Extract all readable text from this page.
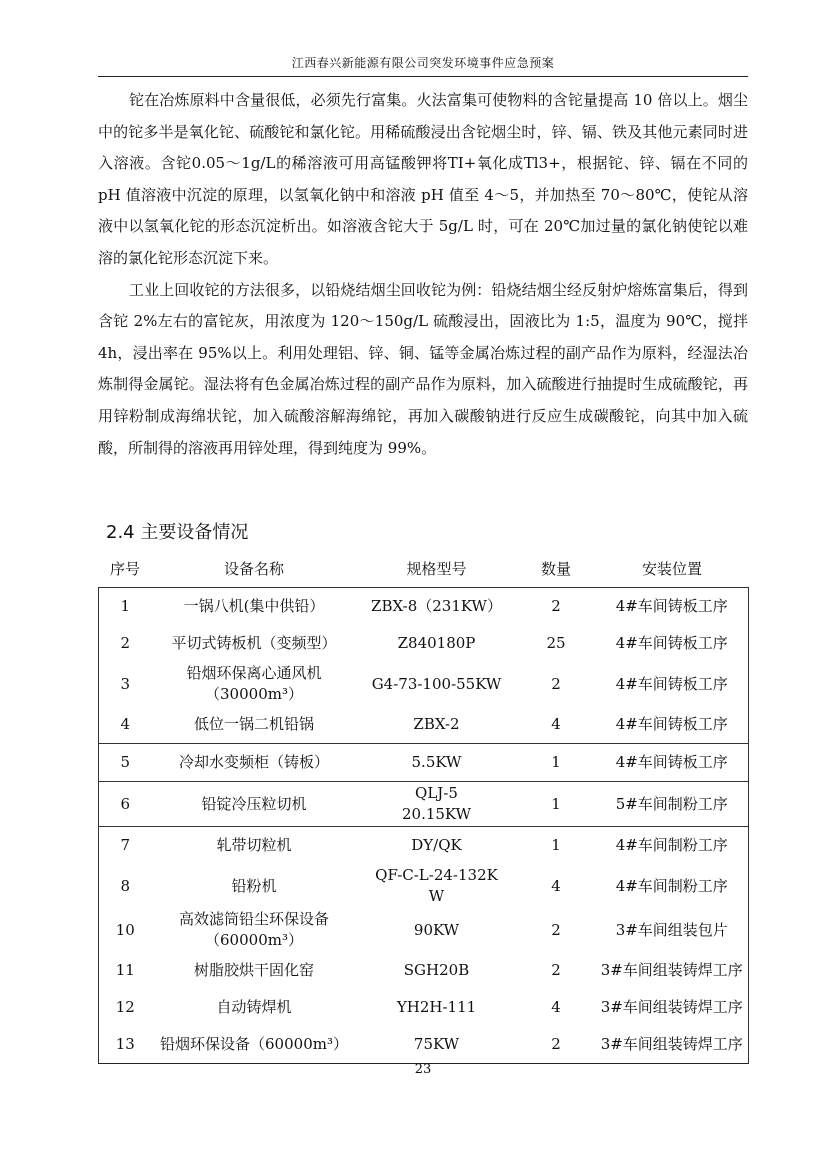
江西春兴新能源有限公司突发环境事件应急预案

铊在冶炼原料中含量很低，必须先行富集。火法富集可使物料的含铊量提高 10 倍以上。烟尘中的铊多半是氧化铊、硫酸铊和氯化铊。用稀硫酸浸出含铊烟尘时，锌、镉、铁及其他元素同时进入溶液。含铊0.05～1g/L的稀溶液可用高锰酸钾将TI+氧化成Tl3+，根据铊、锌、镉在不同的 pH 值溶液中沉淀的原理，以氢氧化钠中和溶液 pH 值至 4～5，并加热至 70～80℃，使铊从溶液中以氢氧化铊的形态沉淀析出。如溶液含铊大于 5g/L 时，可在 20℃加过量的氯化钠使铊以难溶的氯化铊形态沉淀下来。

工业上回收铊的方法很多，以铅烧结烟尘回收铊为例：铅烧结烟尘经反射炉熔炼富集后，得到含铊 2%左右的富铊灰，用浓度为 120～150g/L 硫酸浸出，固液比为 1:5，温度为 90℃，搅拌 4h，浸出率在 95%以上。利用处理铝、锌、铜、锰等金属冶炼过程的副产品作为原料，经湿法冶炼制得金属铊。湿法将有色金属冶炼过程的副产品作为原料，加入硫酸进行抽提时生成硫酸铊，再用锌粉制成海绵状铊，加入硫酸溶解海绵铊，再加入碳酸钠进行反应生成碳酸铊，向其中加入硫酸，所制得的溶液再用锌处理，得到纯度为 99%。

2.4 主要设备情况
序号	设备名称	规格型号	数量	安装位置
1	一锅八机(集中供铅）	ZBX-8（231KW）	2	4#车间铸板工序
2	平切式铸板机（变频型）	Z840180P	25	4#车间铸板工序
3	铅烟环保离心通风机
（30000m³）	G4-73-100-55KW	2	4#车间铸板工序
4	低位一锅二机铅锅	ZBX-2	4	4#车间铸板工序
5	冷却水变频柜（铸板）	5.5KW	1	4#车间铸板工序
6	铅锭冷压粒切机	QLJ-5
20.15KW	1	5#车间制粉工序
7	轧带切粒机	DY/QK	1	4#车间制粉工序
8	铅粉机	QF-C-L-24-132K
W	4	4#车间制粉工序
10	高效滤筒铅尘环保设备
（60000m³）	90KW	2	3#车间组装包片
11	树脂胶烘干固化窑	SGH20B	2	3#车间组装铸焊工序
12	自动铸焊机	YH2H-111	4	3#车间组装铸焊工序
13	铅烟环保设备（60000m³）	75KW	2	3#车间组装铸焊工序
23
